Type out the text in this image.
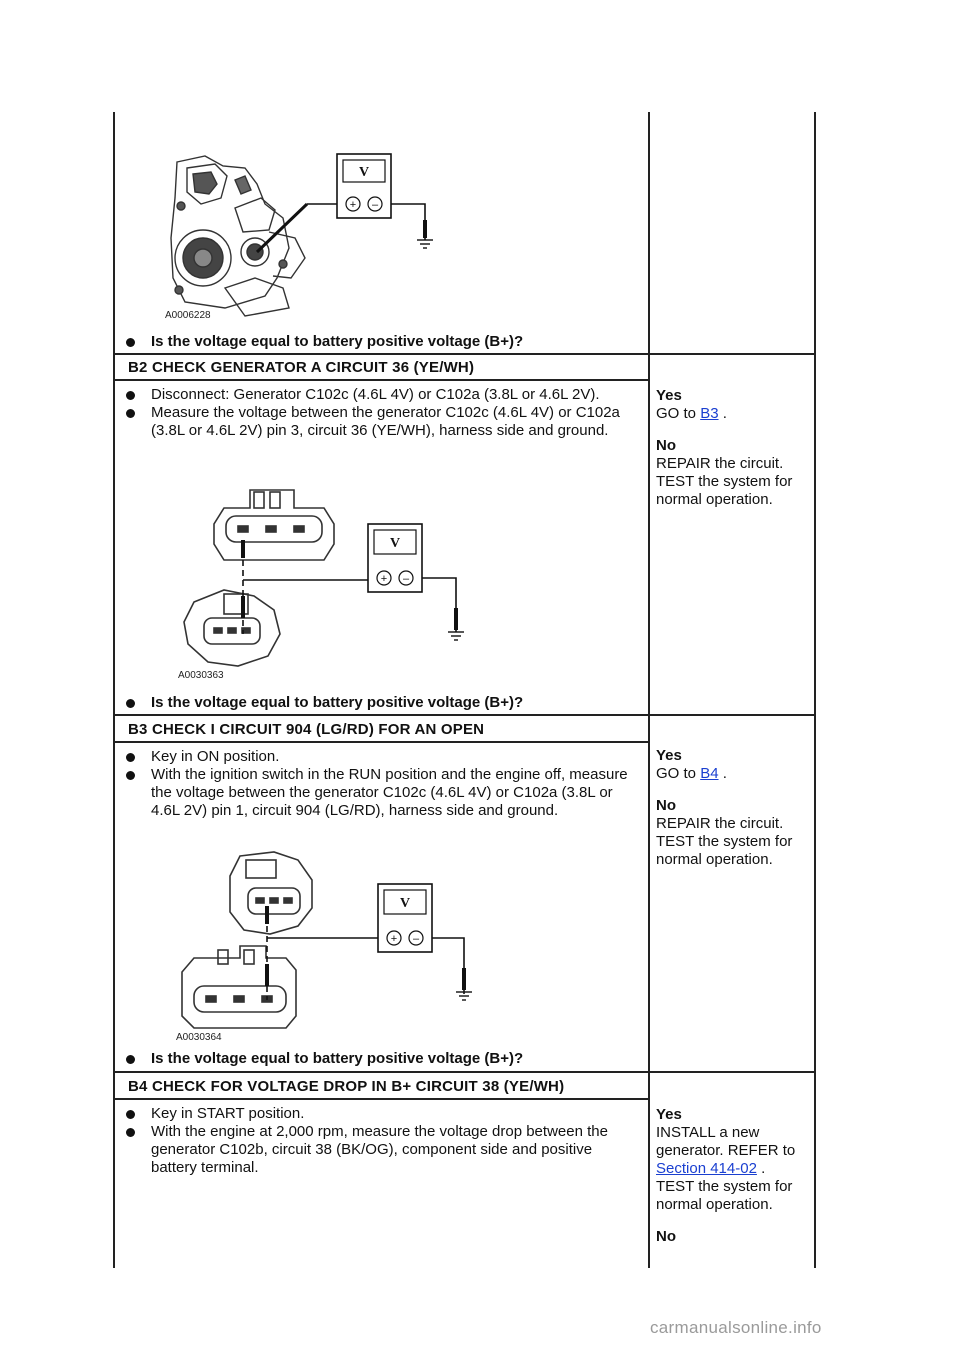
V
+ –
A0006228
Is the voltage equal to battery positive voltage (B+)?
B2 CHECK GENERATOR A CIRCUIT 36 (YE/WH)
Disconnect: Generator C102c (4.6L 4V) or C102a (3.8L or 4.6L 2V).
Measure the voltage between the generator C102c (4.6L 4V) or C102a (3.8L or 4.6L 2V) pin 3, circuit 36 (YE/WH), harness side and ground.
V
+ –
A0030363
Is the voltage equal to battery positive voltage (B+)?
Yes
GO to B3 .
No
REPAIR the circuit.
TEST the system for normal operation.
B3 CHECK I CIRCUIT 904 (LG/RD) FOR AN OPEN
Key in ON position.
With the ignition switch in the RUN position and the engine off, measure the voltage between the generator C102c (4.6L 4V) or C102a (3.8L or 4.6L 2V) pin 1, circuit 904 (LG/RD), harness side and ground.
V
+ –
A0030364
Is the voltage equal to battery positive voltage (B+)?
Yes
GO to B4 .
No
REPAIR the circuit.
TEST the system for normal operation.
B4 CHECK FOR VOLTAGE DROP IN B+ CIRCUIT 38 (YE/WH)
Key in START position.
With the engine at 2,000 rpm, measure the voltage drop between the generator C102b, circuit 38 (BK/OG), component side and positive battery terminal.
Yes
INSTALL a new generator. REFER to
Section 414-02 .
TEST the system for normal operation.
No
carmanualsonline.info
